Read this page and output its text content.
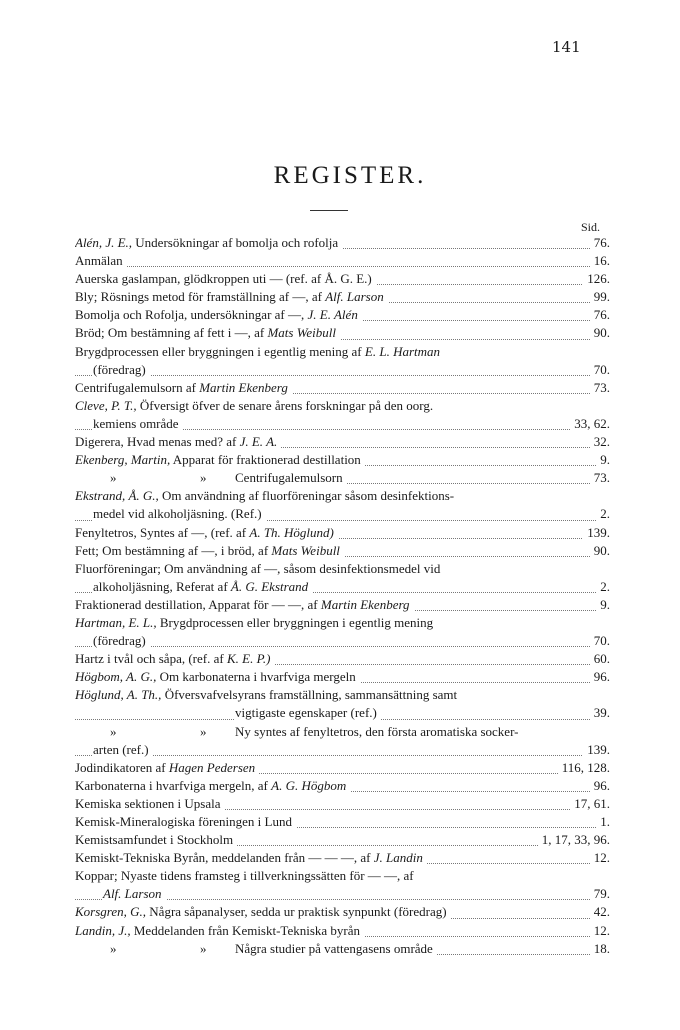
141
REGISTER.
Sid.
Alén, J. E., Undersökningar af bomolja och rofolja	76.
Anmälan	16.
Auerska gaslampan, glödkroppen uti — (ref. af Å. G. E.)	126.
Bly; Rösnings metod för framställning af —, af Alf. Larson	99.
Bomolja och Rofolja, undersökningar af —, J. E. Alén	76.
Bröd; Om bestämning af fett i —, af Mats Weibull	90.
Brygdprocessen eller bryggningen i egentlig mening af E. L. Hartman
(föredrag)	70.
Centrifugalemulsorn af Martin Ekenberg	73.
Cleve, P. T., Öfversigt öfver de senare årens forskningar på den oorg.
kemiens område	33, 62.
Digerera, Hvad menas med? af J. E. A.	32.
Ekenberg, Martin, Apparat för fraktionerad destillation	9.
»	» Centrifugalemulsorn	73.
Ekstrand, Å. G., Om användning af fluorföreningar såsom desinfektions-
medel vid alkoholjäsning. (Ref.)	2.
Fenyltetros, Syntes af —, (ref. af A. Th. Höglund)	139.
Fett; Om bestämning af —, i bröd, af Mats Weibull	90.
Fluorföreningar; Om användning af —, såsom desinfektionsmedel vid
alkoholjäsning, Referat af Å. G. Ekstrand	2.
Fraktionerad destillation, Apparat för — —, af Martin Ekenberg	9.
Hartman, E. L., Brygdprocessen eller bryggningen i egentlig mening
(föredrag)	70.
Hartz i tvål och såpa, (ref. af K. E. P.)	60.
Högbom, A. G., Om karbonaterna i hvarfviga mergeln	96.
Höglund, A. Th., Öfversvafvelsyrans framställning, sammansättning samt
vigtigaste egenskaper (ref.)	39.
»	» Ny syntes af fenyltetros, den första aromatiska socker-
arten (ref.)	139.
Jodindikatoren af Hagen Pedersen	116, 128.
Karbonaterna i hvarfviga mergeln, af A. G. Högbom	96.
Kemiska sektionen i Upsala	17, 61.
Kemisk-Mineralogiska föreningen i Lund	1.
Kemistsamfundet i Stockholm	1, 17, 33, 96.
Kemiskt-Tekniska Byrån, meddelanden från — — —, af J. Landin	12.
Koppar; Nyaste tidens framsteg i tillverkningssätten för — —, af
Alf. Larson	79.
Korsgren, G., Några såpanalyser, sedda ur praktisk synpunkt (föredrag)	42.
Landin, J., Meddelanden från Kemiskt-Tekniska byrån	12.
»	» Några studier på vattengasens område	18.
